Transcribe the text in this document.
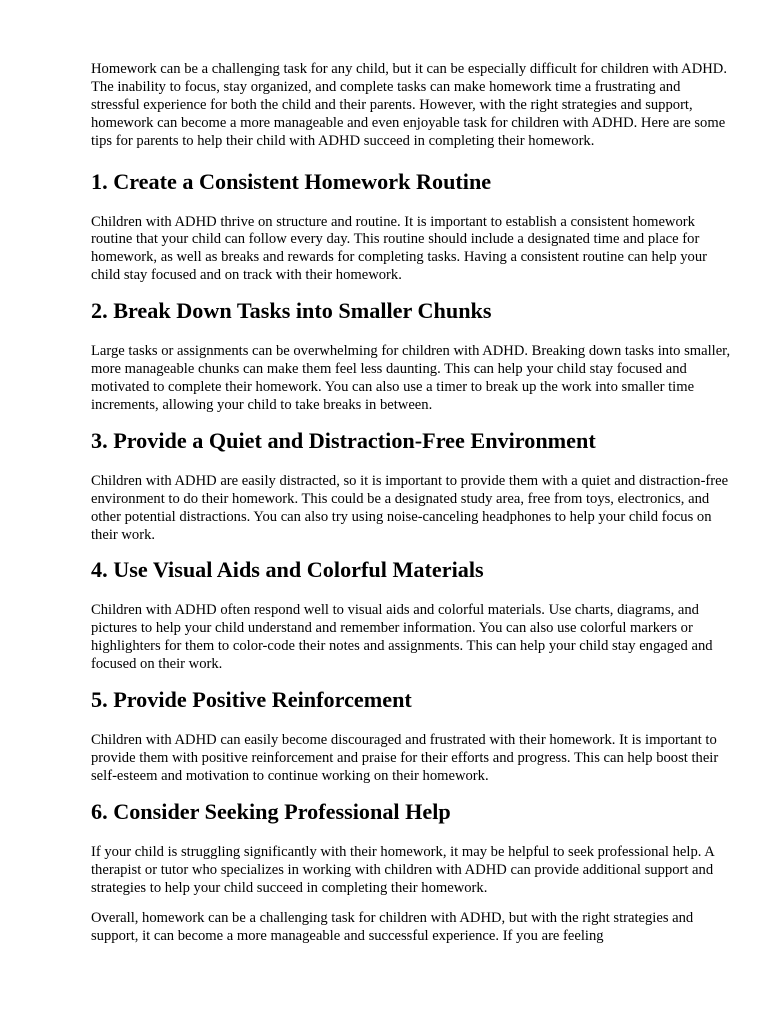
Homework can be a challenging task for any child, but it can be especially difficult for children with ADHD. The inability to focus, stay organized, and complete tasks can make homework time a frustrating and stressful experience for both the child and their parents. However, with the right strategies and support, homework can become a more manageable and even enjoyable task for children with ADHD. Here are some tips for parents to help their child with ADHD succeed in completing their homework.

1. Create a Consistent Homework Routine

Children with ADHD thrive on structure and routine. It is important to establish a consistent homework routine that your child can follow every day. This routine should include a designated time and place for homework, as well as breaks and rewards for completing tasks. Having a consistent routine can help your child stay focused and on track with their homework.

2. Break Down Tasks into Smaller Chunks

Large tasks or assignments can be overwhelming for children with ADHD. Breaking down tasks into smaller, more manageable chunks can make them feel less daunting. This can help your child stay focused and motivated to complete their homework. You can also use a timer to break up the work into smaller time increments, allowing your child to take breaks in between.

3. Provide a Quiet and Distraction-Free Environment

Children with ADHD are easily distracted, so it is important to provide them with a quiet and distraction-free environment to do their homework. This could be a designated study area, free from toys, electronics, and other potential distractions. You can also try using noise-canceling headphones to help your child focus on their work.

4. Use Visual Aids and Colorful Materials

Children with ADHD often respond well to visual aids and colorful materials. Use charts, diagrams, and pictures to help your child understand and remember information. You can also use colorful markers or highlighters for them to color-code their notes and assignments. This can help your child stay engaged and focused on their work.

5. Provide Positive Reinforcement

Children with ADHD can easily become discouraged and frustrated with their homework. It is important to provide them with positive reinforcement and praise for their efforts and progress. This can help boost their self-esteem and motivation to continue working on their homework.

6. Consider Seeking Professional Help

If your child is struggling significantly with their homework, it may be helpful to seek professional help. A therapist or tutor who specializes in working with children with ADHD can provide additional support and strategies to help your child succeed in completing their homework.

Overall, homework can be a challenging task for children with ADHD, but with the right strategies and support, it can become a more manageable and successful experience. If you are feeling
